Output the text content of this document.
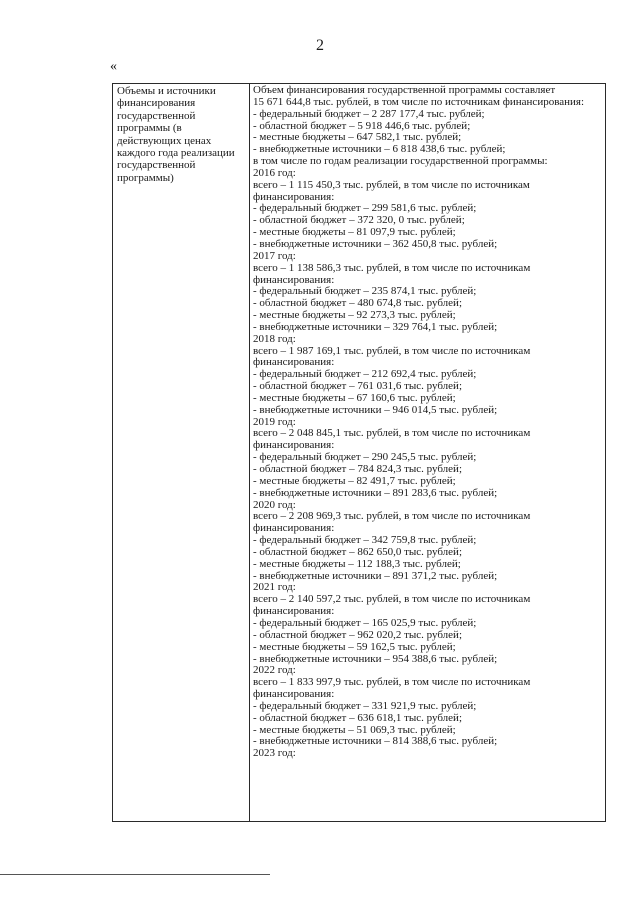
2
«
Объемы и источники
финансирования
государственной
программы (в
действующих ценах
каждого года реализации
государственной
программы)
Объем финансирования государственной программы составляет
15 671 644,8 тыс. рублей, в том числе по источникам финансирования:
- федеральный бюджет – 2 287 177,4 тыс. рублей;
- областной бюджет – 5 918 446,6 тыс. рублей;
- местные бюджеты – 647 582,1 тыс. рублей;
- внебюджетные источники – 6 818 438,6 тыс. рублей;
в том числе по годам реализации государственной программы:
2016 год:
всего – 1 115 450,3 тыс. рублей, в том числе по источникам
финансирования:
- федеральный бюджет – 299 581,6 тыс. рублей;
- областной бюджет – 372 320, 0 тыс. рублей;
- местные бюджеты – 81 097,9 тыс. рублей;
- внебюджетные источники – 362 450,8 тыс. рублей;
2017 год:
всего – 1 138 586,3 тыс. рублей, в том числе по источникам
финансирования:
- федеральный бюджет – 235 874,1 тыс. рублей;
- областной бюджет – 480 674,8 тыс. рублей;
- местные бюджеты – 92 273,3 тыс. рублей;
- внебюджетные источники – 329 764,1 тыс. рублей;
2018 год:
всего – 1 987 169,1 тыс. рублей, в том числе по источникам
финансирования:
- федеральный бюджет – 212 692,4 тыс. рублей;
- областной бюджет – 761 031,6 тыс. рублей;
- местные бюджеты – 67 160,6 тыс. рублей;
- внебюджетные источники – 946 014,5 тыс. рублей;
2019 год:
всего – 2 048 845,1 тыс. рублей, в том числе по источникам
финансирования:
- федеральный бюджет – 290 245,5 тыс. рублей;
- областной бюджет – 784 824,3 тыс. рублей;
- местные бюджеты – 82 491,7 тыс. рублей;
- внебюджетные источники – 891 283,6 тыс. рублей;
2020 год:
всего – 2 208 969,3 тыс. рублей, в том числе по источникам
финансирования:
- федеральный бюджет – 342 759,8 тыс. рублей;
- областной бюджет – 862 650,0 тыс. рублей;
- местные бюджеты – 112 188,3 тыс. рублей;
- внебюджетные источники – 891 371,2 тыс. рублей;
2021 год:
всего – 2 140 597,2 тыс. рублей, в том числе по источникам
финансирования:
- федеральный бюджет – 165 025,9 тыс. рублей;
- областной бюджет – 962 020,2 тыс. рублей;
- местные бюджеты – 59 162,5 тыс. рублей;
- внебюджетные источники – 954 388,6 тыс. рублей;
2022 год:
всего – 1 833 997,9 тыс. рублей, в том числе по источникам
финансирования:
- федеральный бюджет – 331 921,9 тыс. рублей;
- областной бюджет – 636 618,1 тыс. рублей;
- местные бюджеты – 51 069,3 тыс. рублей;
- внебюджетные источники – 814 388,6 тыс. рублей;
2023 год:
